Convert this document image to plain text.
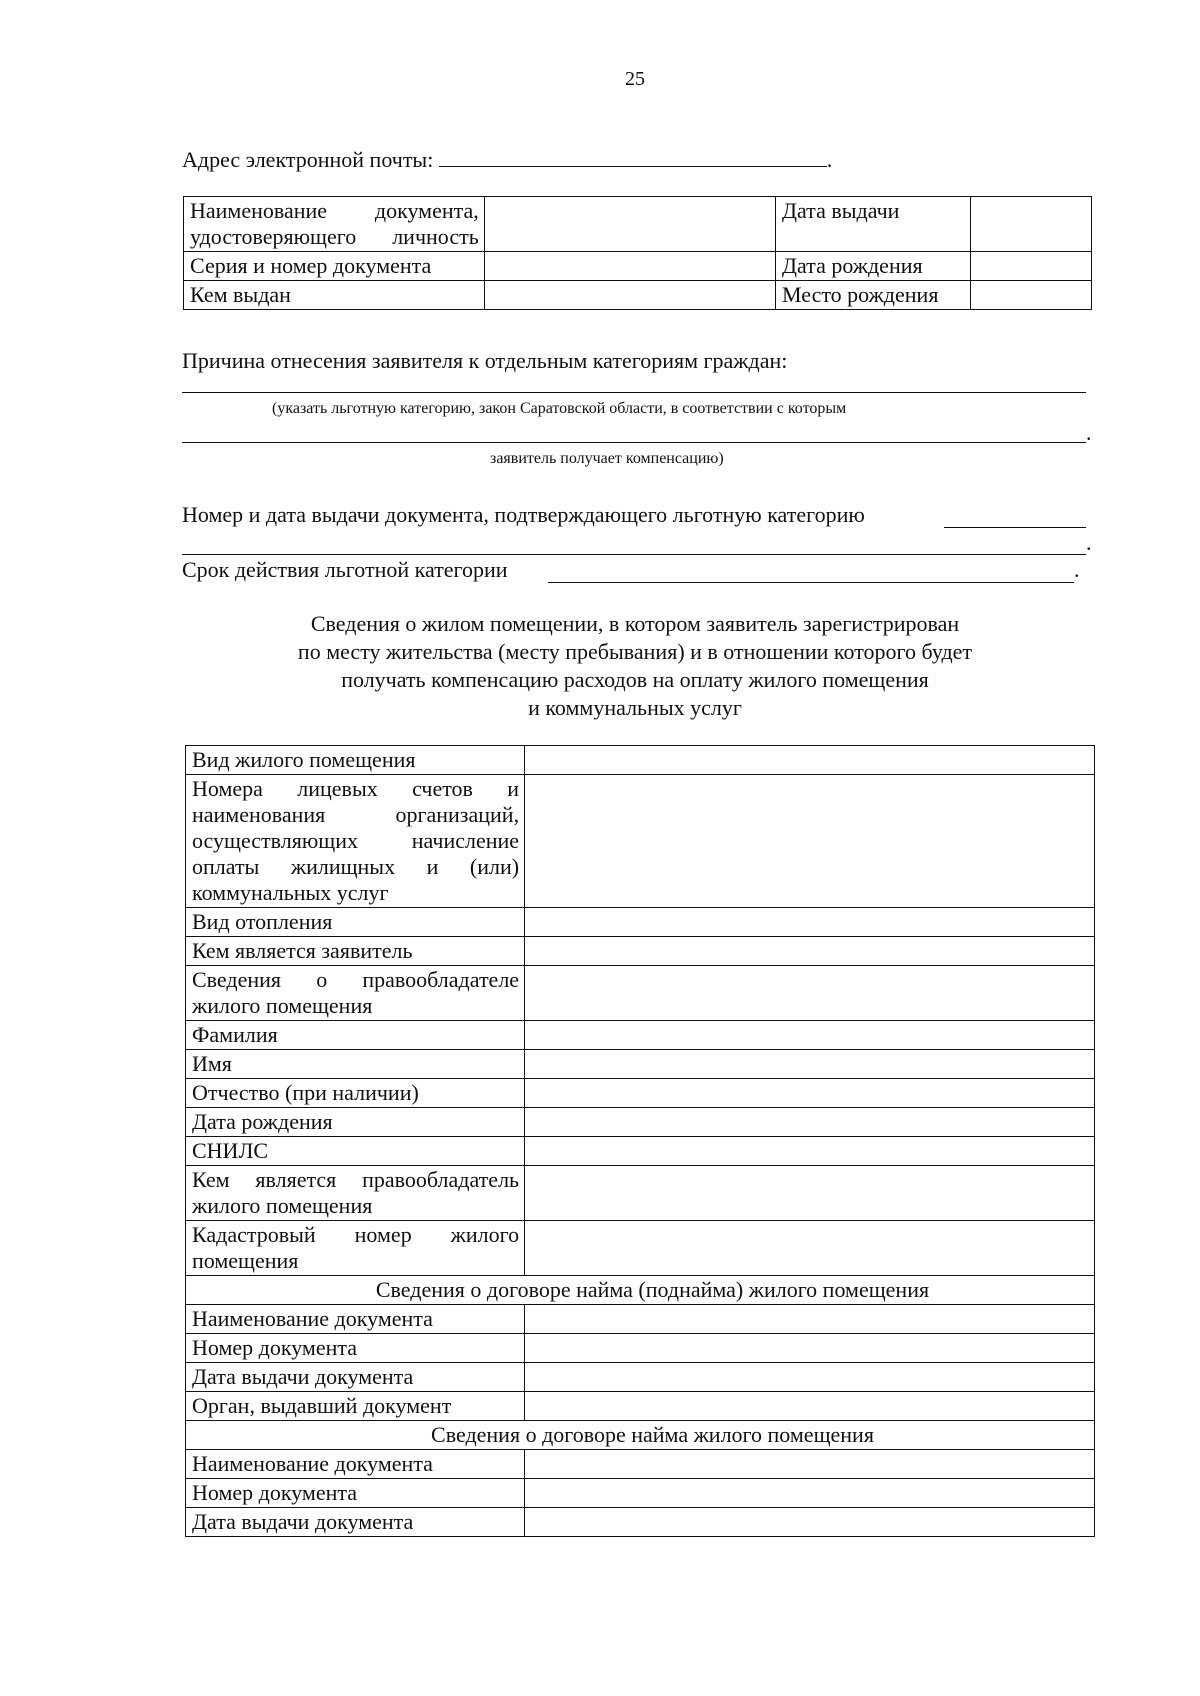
25
Адрес электронной почты:	.
Наименование документа, удостоверяющего личность		Дата выдачи	
Серия и номер документа		Дата рождения	
Кем выдан		Место рождения	
Причина отнесения заявителя к отдельным категориям граждан:
(указать льготную категорию, закон Саратовской области, в соответствии с которым
.
заявитель получает компенсацию)
Номер и дата выдачи документа, подтверждающего льготную категорию
.
Срок действия льготной категории	.
Сведения о жилом помещении, в котором заявитель зарегистрирован
по месту жительства (месту пребывания) и в отношении которого будет
получать компенсацию расходов на оплату жилого помещения
и коммунальных услуг
Вид жилого помещения	
Номера лицевых счетов и наименования организаций, осуществляющих начисление оплаты жилищных и (или) коммунальных услуг	
Вид отопления	
Кем является заявитель	
Сведения о правообладателе жилого помещения	
Фамилия	
Имя	
Отчество (при наличии)	
Дата рождения	
СНИЛС	
Кем является правообладатель жилого помещения	
Кадастровый номер жилого помещения	
Сведения о договоре найма (поднайма) жилого помещения	
Наименование документа	
Номер документа	
Дата выдачи документа	
Орган, выдавший документ	
Сведения о договоре найма жилого помещения	
Наименование документа	
Номер документа	
Дата выдачи документа	
